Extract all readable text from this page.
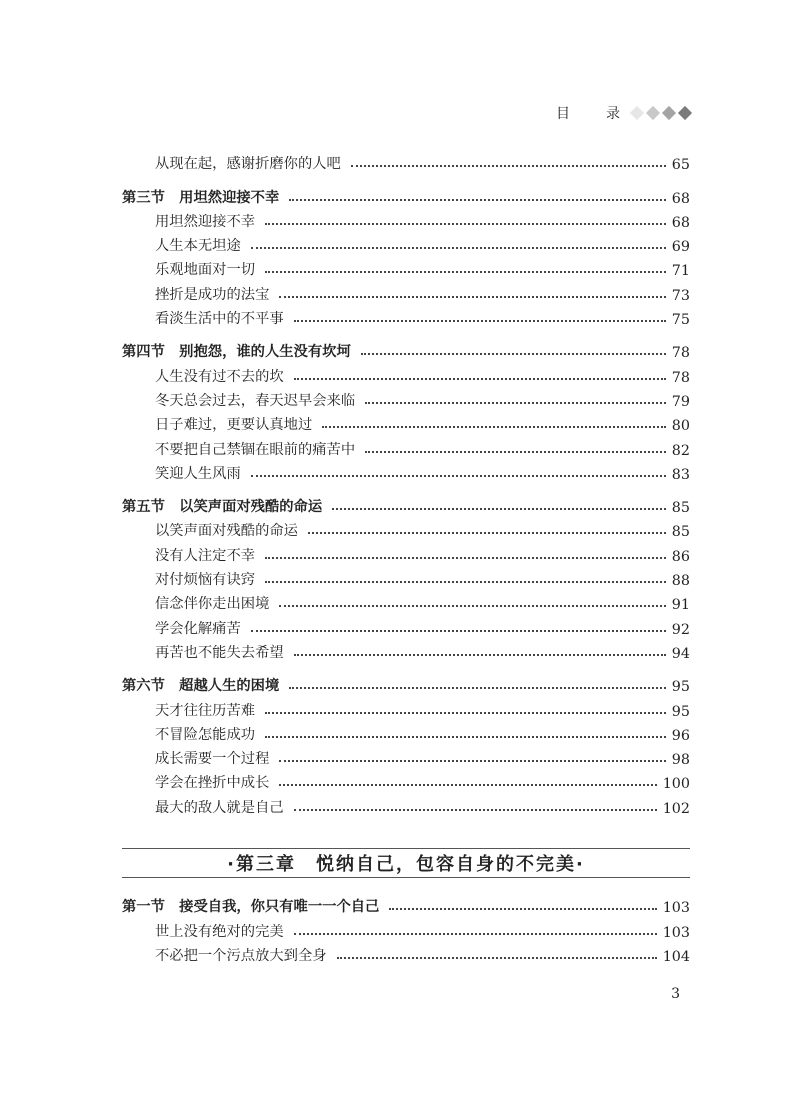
目	录
从现在起，感谢折磨你的人吧	65
第三节　用坦然迎接不幸	68
用坦然迎接不幸	68
人生本无坦途	69
乐观地面对一切	71
挫折是成功的法宝	73
看淡生活中的不平事	75
第四节　别抱怨，谁的人生没有坎坷	78
人生没有过不去的坎	78
冬天总会过去，春天迟早会来临	79
日子难过，更要认真地过	80
不要把自己禁锢在眼前的痛苦中	82
笑迎人生风雨	83
第五节　以笑声面对残酷的命运	85
以笑声面对残酷的命运	85
没有人注定不幸	86
对付烦恼有诀窍	88
信念伴你走出困境	91
学会化解痛苦	92
再苦也不能失去希望	94
第六节　超越人生的困境	95
天才往往历苦难	95
不冒险怎能成功	96
成长需要一个过程	98
学会在挫折中成长	100
最大的敌人就是自己	102
·第三章　悦纳自己，包容自身的不完美·
第一节　接受自我，你只有唯一一个自己	103
世上没有绝对的完美	103
不必把一个污点放大到全身	104
3
